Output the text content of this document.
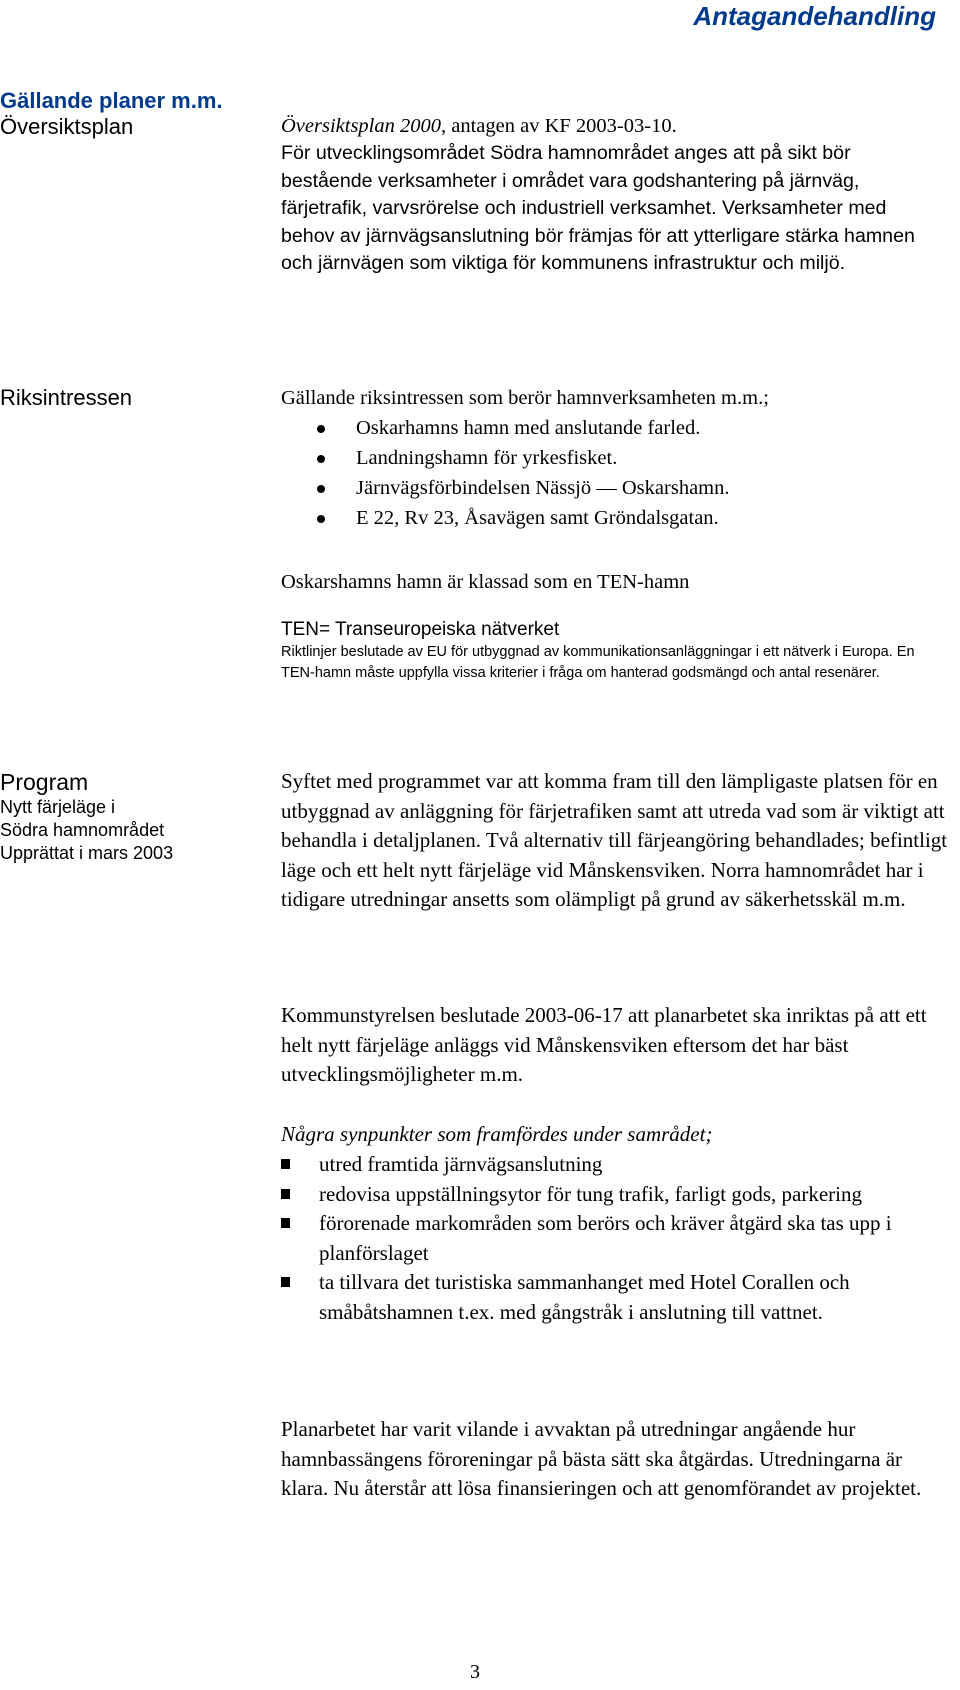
Antagandehandling
Gällande planer m.m.
Översiktsplan	Översiktsplan 2000, antagen av KF 2003-03-10.
För utvecklingsområdet Södra hamnområdet anges att på sikt bör bestående verksamheter i området vara godshantering på järnväg, färjetrafik, varvsrörelse och industriell verksamhet. Verksamheter med behov av järnvägsanslutning bör främjas för att ytterligare stärka hamnen och järnvägen som viktiga för kommunens infrastruktur och miljö.
Riksintressen	Gällande riksintressen som berör hamnverksamheten m.m.;
Oskarhamns hamn med anslutande farled.
Landningshamn för yrkesfisket.
Järnvägsförbindelsen Nässjö — Oskarshamn.
E 22, Rv 23, Åsavägen samt Gröndalsgatan.
Oskarshamns hamn är klassad som en TEN-hamn
TEN= Transeuropeiska nätverket
Riktlinjer beslutade av EU för utbyggnad av kommunikationsanläggningar i ett nätverk i Europa. En TEN-hamn måste uppfylla vissa kriterier i fråga om hanterad godsmängd och antal resenärer.
Program
Nytt färjeläge i
Södra hamnområdet
Upprättat i mars 2003
Syftet med programmet var att komma fram till den lämpligaste platsen för en utbyggnad av anläggning för färjetrafiken samt att utreda vad som är viktigt att behandla i detaljplanen. Två alternativ till färjeangöring behandlades; befintligt läge och ett helt nytt färjeläge vid Månskensviken. Norra hamnområdet har i tidigare utredningar ansetts som olämpligt på grund av säkerhetsskäl m.m.
Kommunstyrelsen beslutade 2003-06-17 att planarbetet ska inriktas på att ett helt nytt färjeläge anläggs vid Månskensviken eftersom det har bäst utvecklingsmöjligheter m.m.
Några synpunkter som framfördes under samrådet;
utred framtida järnvägsanslutning
redovisa uppställningsytor för tung trafik, farligt gods, parkering
förorenade markområden som berörs och kräver åtgärd ska tas upp i planförslaget
ta tillvara det turistiska sammanhanget med Hotel Corallen och småbåtshamnen t.ex. med gångstråk i anslutning till vattnet.
Planarbetet har varit vilande i avvaktan på utredningar angående hur hamnbassängens föroreningar på bästa sätt ska åtgärdas. Utredningarna är klara. Nu återstår att lösa finansieringen och att genomförandet av projektet.
3
